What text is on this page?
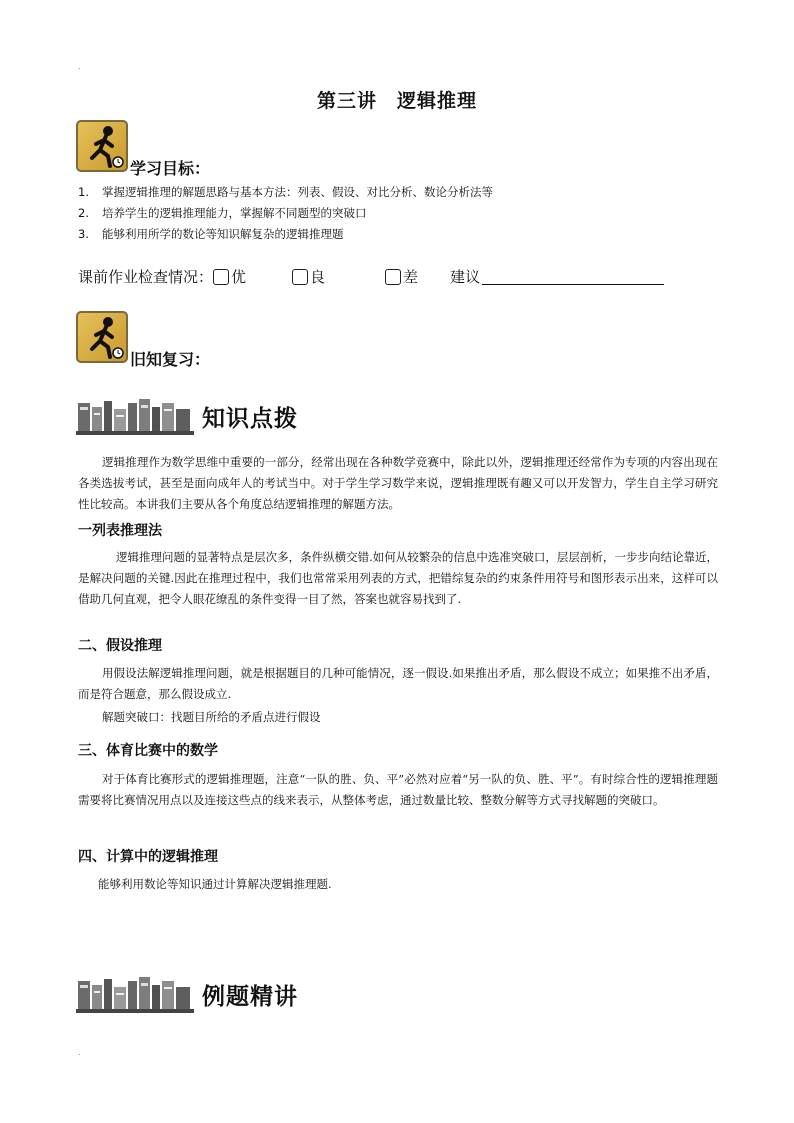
.
第三讲　逻辑推理
学习目标：
1.	掌握逻辑推理的解题思路与基本方法：列表、假设、对比分析、数论分析法等
2.	培养学生的逻辑推理能力，掌握解不同题型的突破口
3.	能够利用所学的数论等知识解复杂的逻辑推理题
课前作业检查情况： 优	良	差 建议
旧知复习：
知识点拨
逻辑推理作为数学思维中重要的一部分，经常出现在各种数学竞赛中，除此以外，逻辑推理还经常作为专项的内容出现在各类选拔考试，甚至是面向成年人的考试当中。对于学生学习数学来说，逻辑推理既有趣又可以开发智力，学生自主学习研究性比较高。本讲我们主要从各个角度总结逻辑推理的解题方法。
一列表推理法
逻辑推理问题的显著特点是层次多，条件纵横交错.如何从较繁杂的信息中选准突破口，层层剖析，一步步向结论靠近，是解决问题的关键.因此在推理过程中，我们也常常采用列表的方式，把错综复杂的约束条件用符号和图形表示出来，这样可以借助几何直观，把令人眼花缭乱的条件变得一目了然，答案也就容易找到了.
二、假设推理
用假设法解逻辑推理问题，就是根据题目的几种可能情况，逐一假设.如果推出矛盾，那么假设不成立；如果推不出矛盾，而是符合题意，那么假设成立.
解题突破口：找题目所给的矛盾点进行假设
三、体育比赛中的数学
对于体育比赛形式的逻辑推理题，注意“一队的胜、负、平”必然对应着“另一队的负、胜、平”。有时综合性的逻辑推理题需要将比赛情况用点以及连接这些点的线来表示，从整体考虑，通过数量比较、整数分解等方式寻找解题的突破口。
四、计算中的逻辑推理
能够利用数论等知识通过计算解决逻辑推理题.
例题精讲
.
